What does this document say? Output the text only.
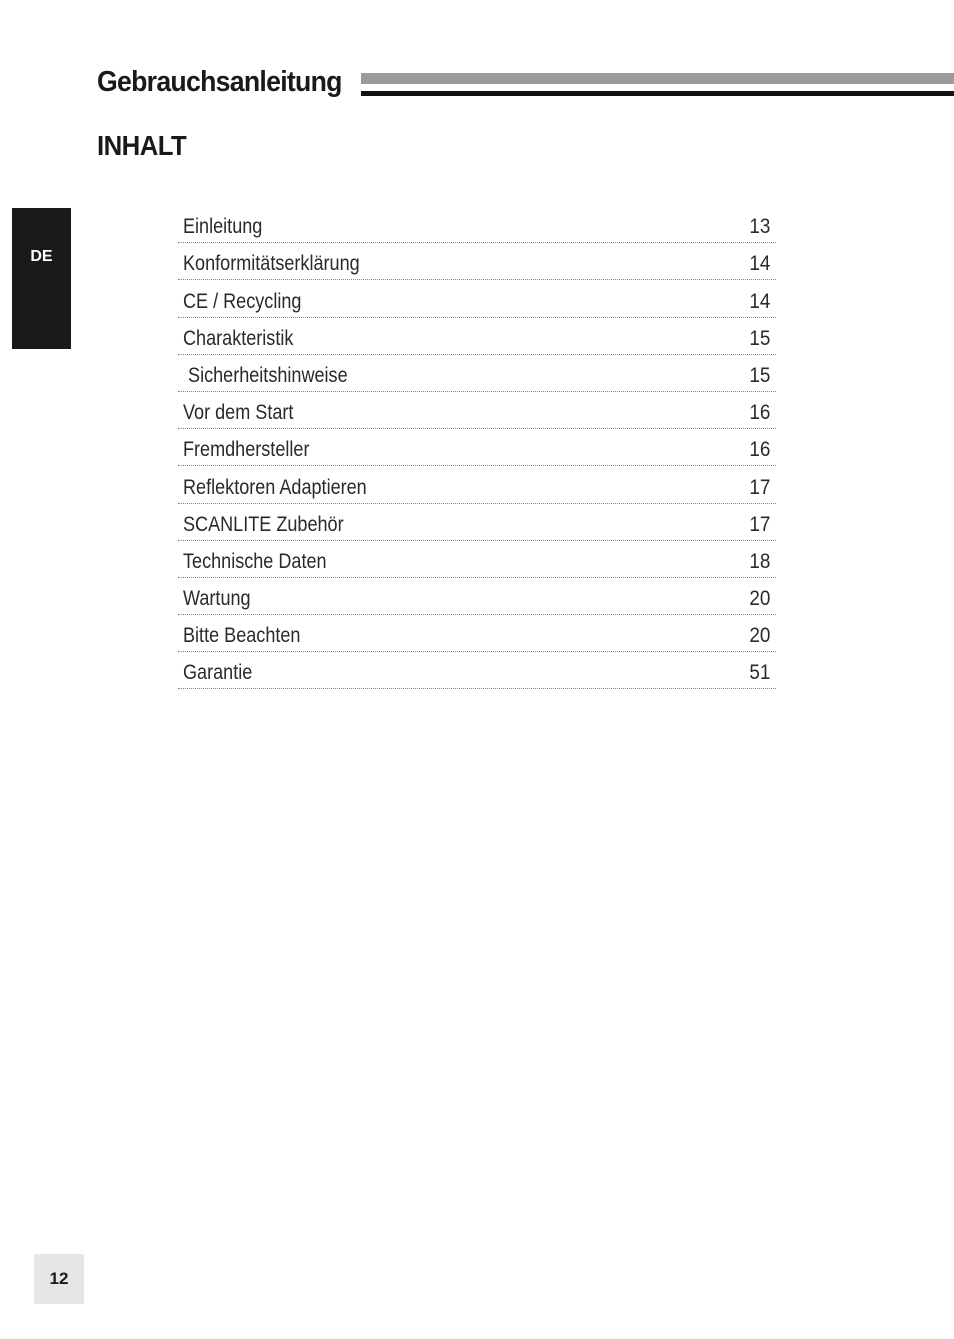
Gebrauchsanleitung
INHALT
DE
Einleitung	13
Konformitätserklärung	14
CE / Recycling	14
Charakteristik	15
Sicherheitshinweise	15
Vor dem Start	16
Fremdhersteller	16
Reflektoren Adaptieren	17
SCANLITE Zubehör	17
Technische Daten	18
Wartung	20
Bitte Beachten	20
Garantie	51
12
